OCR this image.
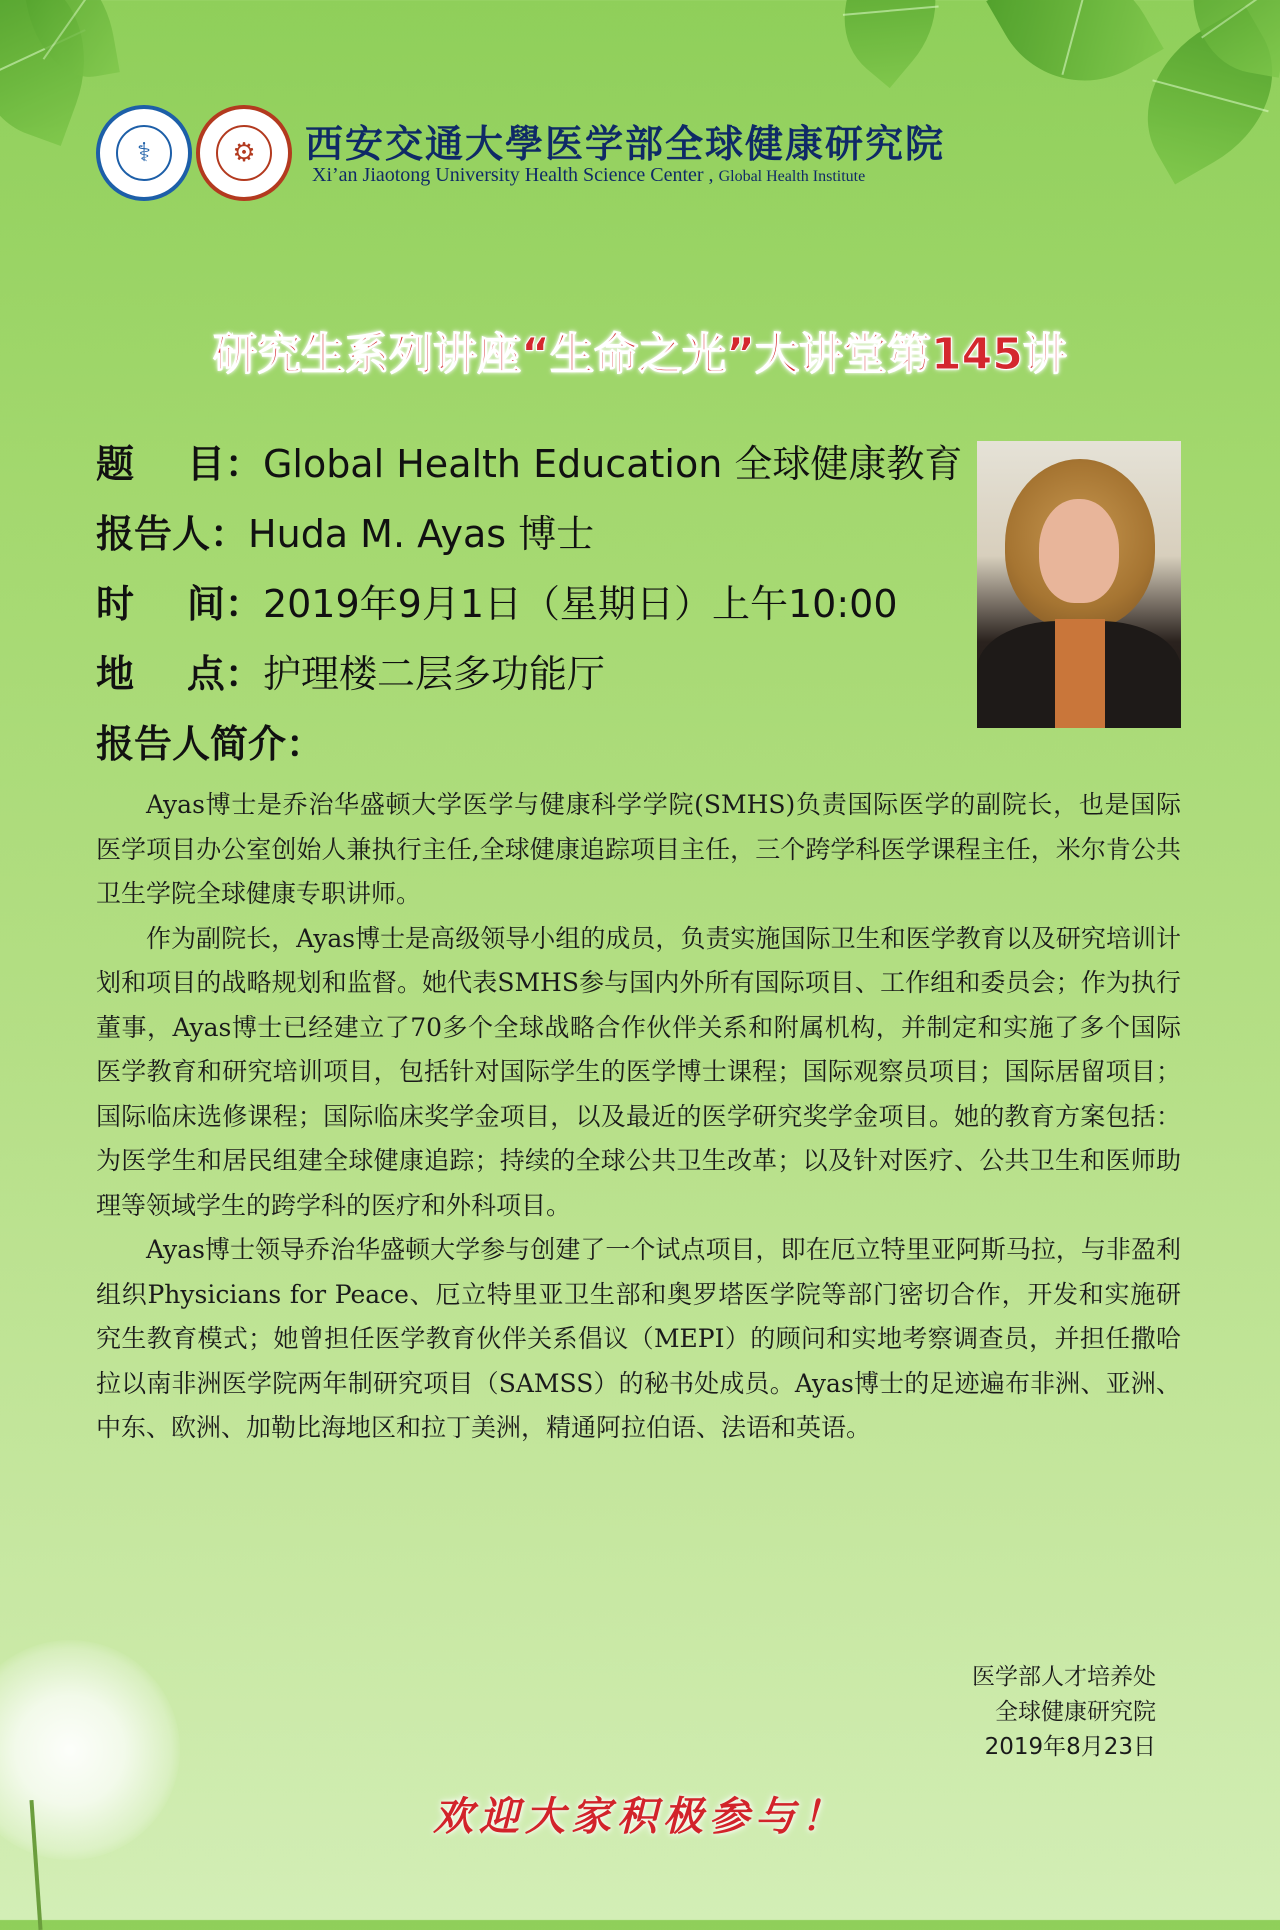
⚕	⚙	西安交通大學医学部全球健康研究院
Xi’an Jiaotong University Health Science Center , Global Health Institute
研究生系列讲座“生命之光”大讲堂第145讲
题    目：Global Health Education 全球健康教育
报告人：Huda M. Ayas 博士
时    间：2019年9月1日（星期日）上午10:00
地    点：护理楼二层多功能厅
报告人简介：

Ayas博士是乔治华盛顿大学医学与健康科学学院(SMHS)负责国际医学的副院长，也是国际医学项目办公室创始人兼执行主任,全球健康追踪项目主任，三个跨学科医学课程主任，米尔肯公共卫生学院全球健康专职讲师。

作为副院长，Ayas博士是高级领导小组的成员，负责实施国际卫生和医学教育以及研究培训计划和项目的战略规划和监督。她代表SMHS参与国内外所有国际项目、工作组和委员会；作为执行董事，Ayas博士已经建立了70多个全球战略合作伙伴关系和附属机构，并制定和实施了多个国际医学教育和研究培训项目，包括针对国际学生的医学博士课程；国际观察员项目；国际居留项目；国际临床选修课程；国际临床奖学金项目，以及最近的医学研究奖学金项目。她的教育方案包括：为医学生和居民组建全球健康追踪；持续的全球公共卫生改革；以及针对医疗、公共卫生和医师助理等领域学生的跨学科的医疗和外科项目。

Ayas博士领导乔治华盛顿大学参与创建了一个试点项目，即在厄立特里亚阿斯马拉，与非盈利组织Physicians for Peace、厄立特里亚卫生部和奥罗塔医学院等部门密切合作，开发和实施研究生教育模式；她曾担任医学教育伙伴关系倡议（MEPI）的顾问和实地考察调查员，并担任撒哈拉以南非洲医学院两年制研究项目（SAMSS）的秘书处成员。Ayas博士的足迹遍布非洲、亚洲、中东、欧洲、加勒比海地区和拉丁美洲，精通阿拉伯语、法语和英语。

医学部人才培养处
全球健康研究院
2019年8月23日
欢迎大家积极参与！
